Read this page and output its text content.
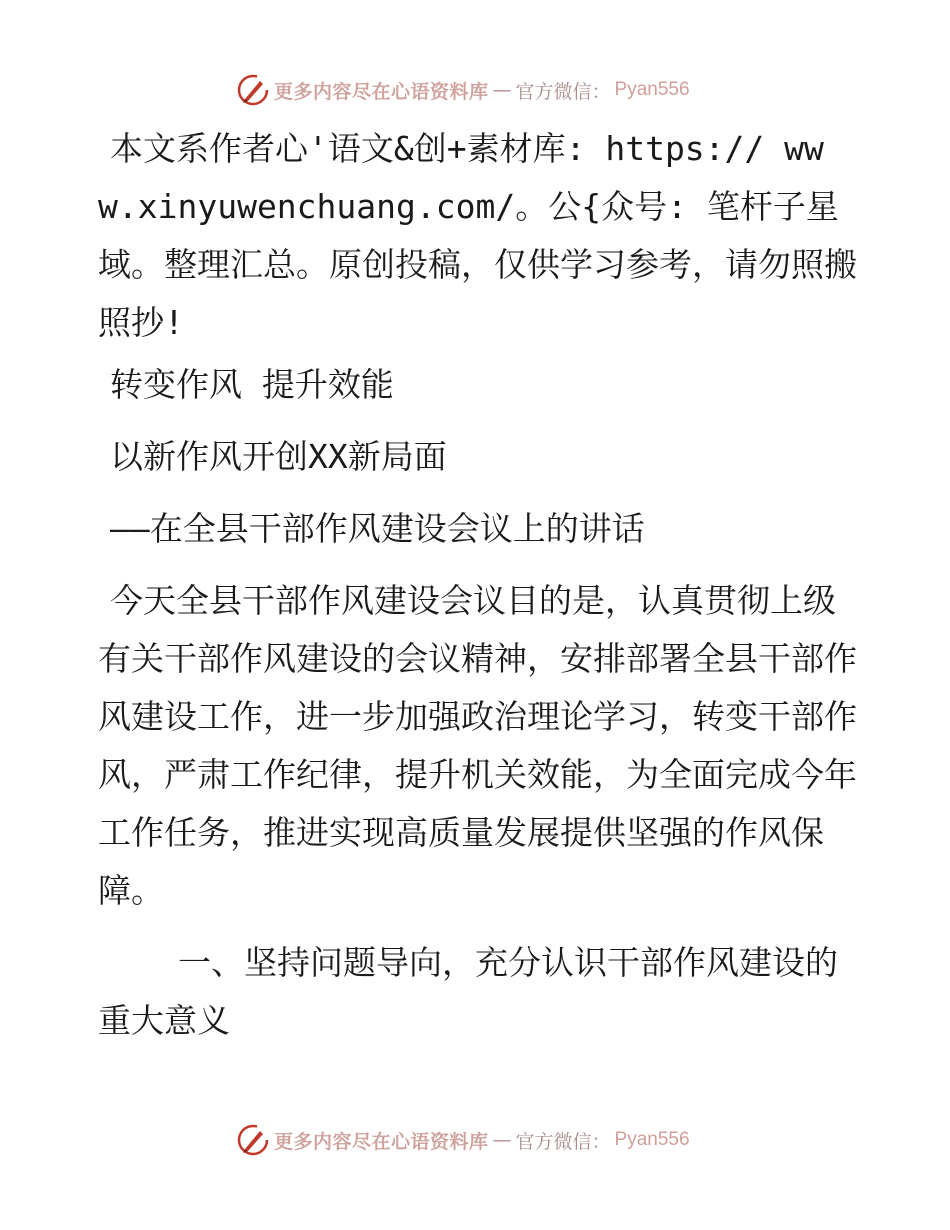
更多内容尽在心语资料库 — 官方微信： Pyan556

本文系作者心'语文&创+素材库: https:// www.xinyuwenchuang.com/。公{众号: 笔杆子星域。整理汇总。原创投稿，仅供学习参考，请勿照搬照抄!

转变作风 提升效能

以新作风开创XX新局面

——在全县干部作风建设会议上的讲话

今天全县干部作风建设会议目的是，认真贯彻上级有关干部作风建设的会议精神，安排部署全县干部作风建设工作，进一步加强政治理论学习，转变干部作风，严肃工作纪律，提升机关效能，为全面完成今年工作任务，推进实现高质量发展提供坚强的作风保障。

一、坚持问题导向，充分认识干部作风建设的重大意义

更多内容尽在心语资料库 — 官方微信： Pyan556
